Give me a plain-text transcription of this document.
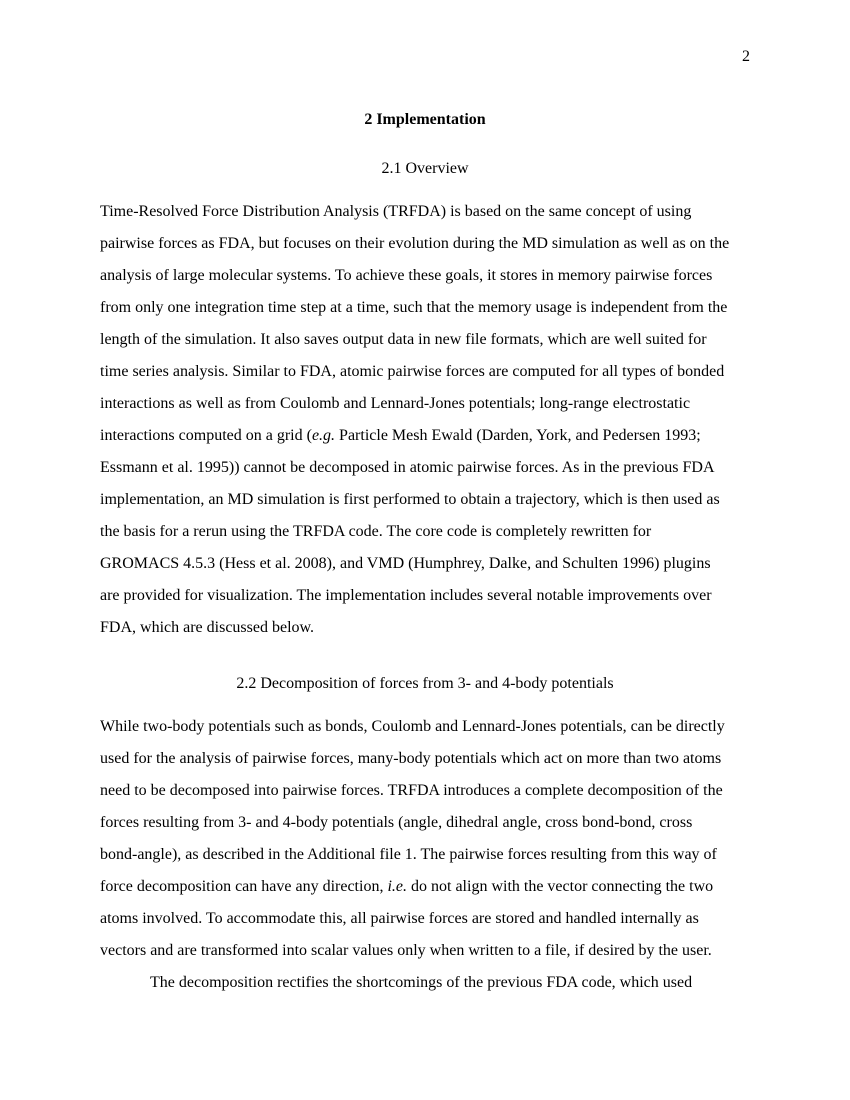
2
2 Implementation
2.1 Overview
Time-Resolved Force Distribution Analysis (TRFDA) is based on the same concept of using
pairwise forces as FDA, but focuses on their evolution during the MD simulation as well as on the
analysis of large molecular systems. To achieve these goals, it stores in memory pairwise forces
from only one integration time step at a time, such that the memory usage is independent from the
length of the simulation. It also saves output data in new file formats, which are well suited for
time series analysis. Similar to FDA, atomic pairwise forces are computed for all types of bonded
interactions as well as from Coulomb and Lennard-Jones potentials; long-range electrostatic
interactions computed on a grid (e.g. Particle Mesh Ewald (Darden, York, and Pedersen 1993;
Essmann et al. 1995)) cannot be decomposed in atomic pairwise forces. As in the previous FDA
implementation, an MD simulation is first performed to obtain a trajectory, which is then used as
the basis for a rerun using the TRFDA code. The core code is completely rewritten for
GROMACS 4.5.3 (Hess et al. 2008), and VMD (Humphrey, Dalke, and Schulten 1996) plugins
are provided for visualization. The implementation includes several notable improvements over
FDA, which are discussed below.
2.2 Decomposition of forces from 3- and 4-body potentials
While two-body potentials such as bonds, Coulomb and Lennard-Jones potentials, can be directly
used for the analysis of pairwise forces, many-body potentials which act on more than two atoms
need to be decomposed into pairwise forces. TRFDA introduces a complete decomposition of the
forces resulting from 3- and 4-body potentials (angle, dihedral angle, cross bond-bond, cross
bond-angle), as described in the Additional file 1. The pairwise forces resulting from this way of
force decomposition can have any direction, i.e. do not align with the vector connecting the two
atoms involved. To accommodate this, all pairwise forces are stored and handled internally as
vectors and are transformed into scalar values only when written to a file, if desired by the user.
The decomposition rectifies the shortcomings of the previous FDA code, which used
